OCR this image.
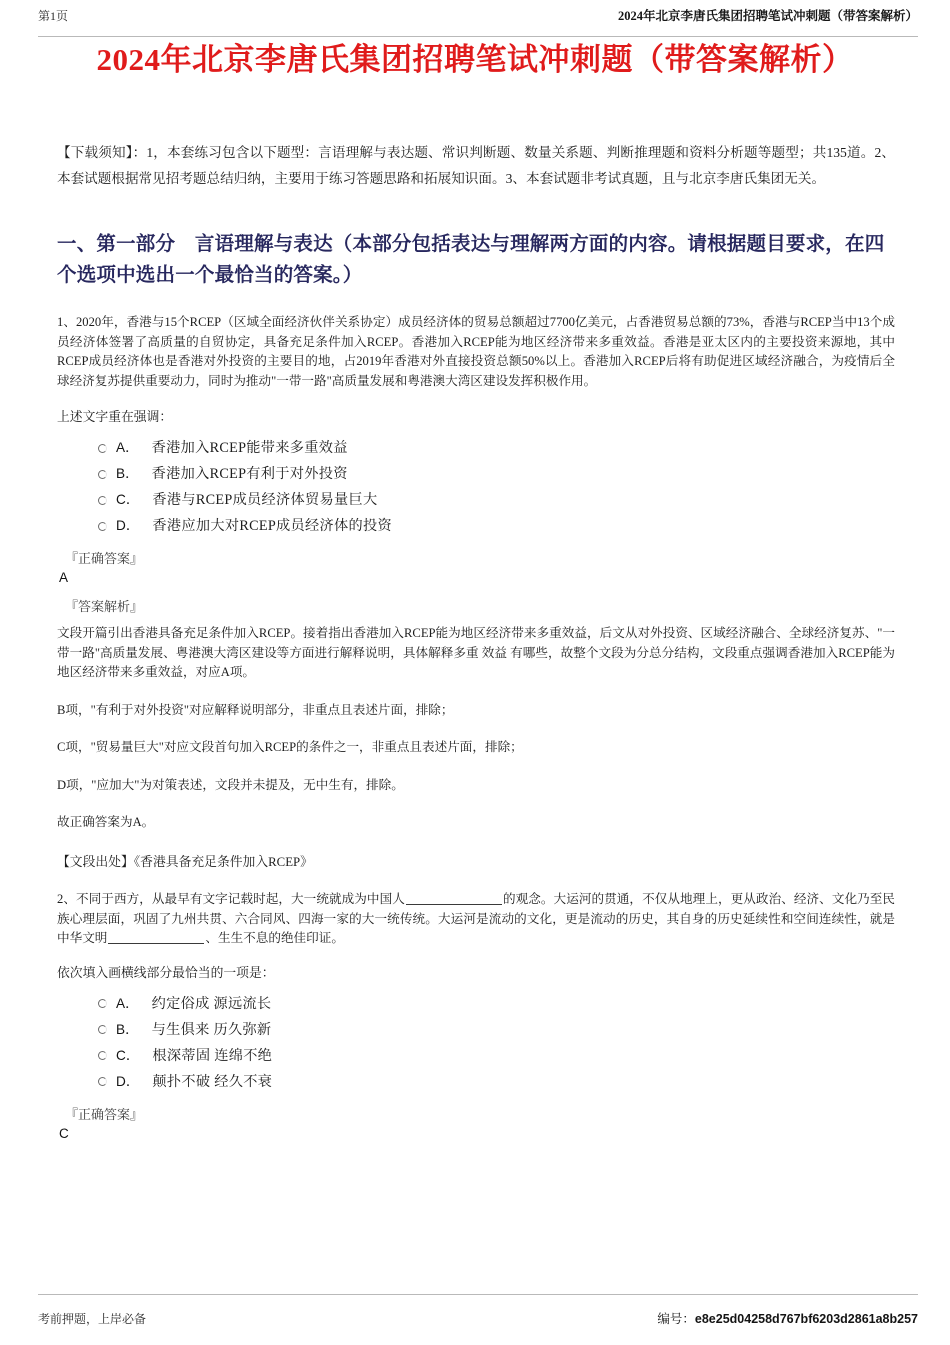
第1页	2024年北京李唐氏集团招聘笔试冲刺题（带答案解析）
2024年北京李唐氏集团招聘笔试冲刺题（带答案解析）

【下载须知】：1，本套练习包含以下题型：言语理解与表达题、常识判断题、数量关系题、判断推理题和资料分析题等题型；共135道。2、本套试题根据常见招考题总结归纳，主要用于练习答题思路和拓展知识面。3、本套试题非考试真题，且与北京李唐氏集团无关。

一、第一部分　言语理解与表达（本部分包括表达与理解两方面的内容。请根据题目要求，在四个选项中选出一个最恰当的答案。）

1、2020年，香港与15个RCEP（区域全面经济伙伴关系协定）成员经济体的贸易总额超过7700亿美元，占香港贸易总额的73%，香港与RCEP当中13个成员经济体签署了高质量的自贸协定，具备充足条件加入RCEP。香港加入RCEP能为地区经济带来多重效益。香港是亚太区内的主要投资来源地，其中RCEP成员经济体也是香港对外投资的主要目的地，占2019年香港对外直接投资总额50%以上。香港加入RCEP后将有助促进区域经济融合，为疫情后全球经济复苏提供重要动力，同时为推动"一带一路"高质量发展和粤港澳大湾区建设发挥积极作用。

上述文字重在强调：

A． 香港加入RCEP能带来多重效益
B． 香港加入RCEP有利于对外投资
C． 香港与RCEP成员经济体贸易量巨大
D． 香港应加大对RCEP成员经济体的投资
『正确答案』
A
『答案解析』

文段开篇引出香港具备充足条件加入RCEP。接着指出香港加入RCEP能为地区经济带来多重效益，后文从对外投资、区域经济融合、全球经济复苏、"一带一路"高质量发展、粤港澳大湾区建设等方面进行解释说明，具体解释多重 效益 有哪些，故整个文段为分总分结构，文段重点强调香港加入RCEP能为地区经济带来多重效益，对应A项。

B项，"有利于对外投资"对应解释说明部分，非重点且表述片面，排除；

C项，"贸易量巨大"对应文段首句加入RCEP的条件之一，非重点且表述片面，排除；

D项，"应加大"为对策表述，文段并未提及，无中生有，排除。

故正确答案为A。

【文段出处】《香港具备充足条件加入RCEP》

2、不同于西方，从最早有文字记载时起，大一统就成为中国人	的观念。大运河的贯通，不仅从地理上，更从政治、经济、文化乃至民族心理层面，巩固了九州共贯、六合同风、四海一家的大一统传统。大运河是流动的文化，更是流动的历史，其自身的历史延续性和空间连续性，就是中华文明	、生生不息的绝佳印证。

依次填入画横线部分最恰当的一项是：

A． 约定俗成 源远流长
B． 与生俱来 历久弥新
C． 根深蒂固 连绵不绝
D． 颠扑不破 经久不衰
『正确答案』
C
考前押题，上岸必备	编号：e8e25d04258d767bf6203d2861a8b257
